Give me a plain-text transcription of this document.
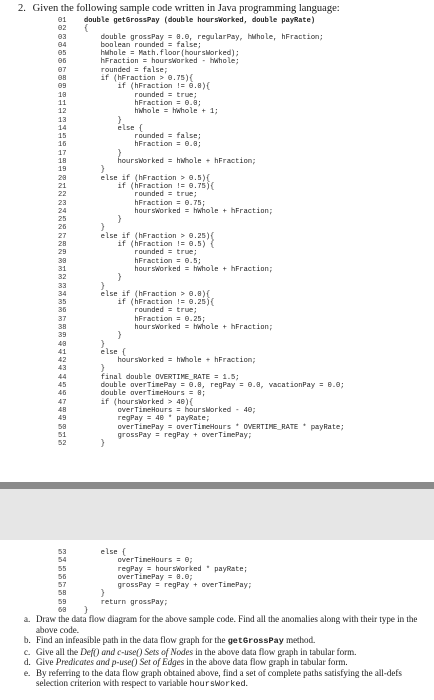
2. Given the following sample code written in Java programming language:
01	double getGrossPay (double hoursWorked, double payRate)
02	{
03	double grossPay = 0.0, regularPay, hWhole, hFraction;
04	boolean rounded = false;
05	hWhole = Math.floor(hoursWorked);
06	hFraction = hoursWorked - hWhole;
07	rounded = false;
08	if (hFraction > 0.75){
09	if (hFraction != 0.0){
10	rounded = true;
11	hFraction = 0.0;
12	hWhole = hWhole + 1;
13	}
14	else {
15	rounded = false;
16	hFraction = 0.0;
17	}
18	hoursWorked = hWhole + hFraction;
19	}
20	else if (hFraction > 0.5){
21	if (hFraction != 0.75){
22	rounded = true;
23	hFraction = 0.75;
24	hoursWorked = hWhole + hFraction;
25	}
26	}
27	else if (hFraction > 0.25){
28	if (hFraction != 0.5) {
29	rounded = true;
30	hFraction = 0.5;
31	hoursWorked = hWhole + hFraction;
32	}
33	}
34	else if (hFraction > 0.0){
35	if (hFraction != 0.25){
36	rounded = true;
37	hFraction = 0.25;
38	hoursWorked = hWhole + hFraction;
39	}
40	}
41	else {
42	hoursWorked = hWhole + hFraction;
43	}
44	final double OVERTIME_RATE = 1.5;
45	double overTimePay = 0.0, regPay = 0.0, vacationPay = 0.0;
46	double overTimeHours = 0;
47	if (hoursWorked > 40){
48	overTimeHours = hoursWorked - 40;
49	regPay = 40 * payRate;
50	overTimePay = overTimeHours * OVERTIME_RATE * payRate;
51	grossPay = regPay + overTimePay;
52	}
53	else {
54	overTimeHours = 0;
55	regPay = hoursWorked * payRate;
56	overTimePay = 0.0;
57	grossPay = regPay + overTimePay;
58	}
59	return grossPay;
60	}
a. Draw the data flow diagram for the above sample code. Find all the anomalies along with their type in the above code.
b. Find an infeasible path in the data flow graph for the getGrossPay method.
c. Give all the Def() and c-use() Sets of Nodes in the above data flow graph in tabular form.
d. Give Predicates and p-use() Set of Edges in the above data flow graph in tabular form.
e. By referring to the data flow graph obtained above, find a set of complete paths satisfying the all-defs selection criterion with respect to variable hoursWorked.
